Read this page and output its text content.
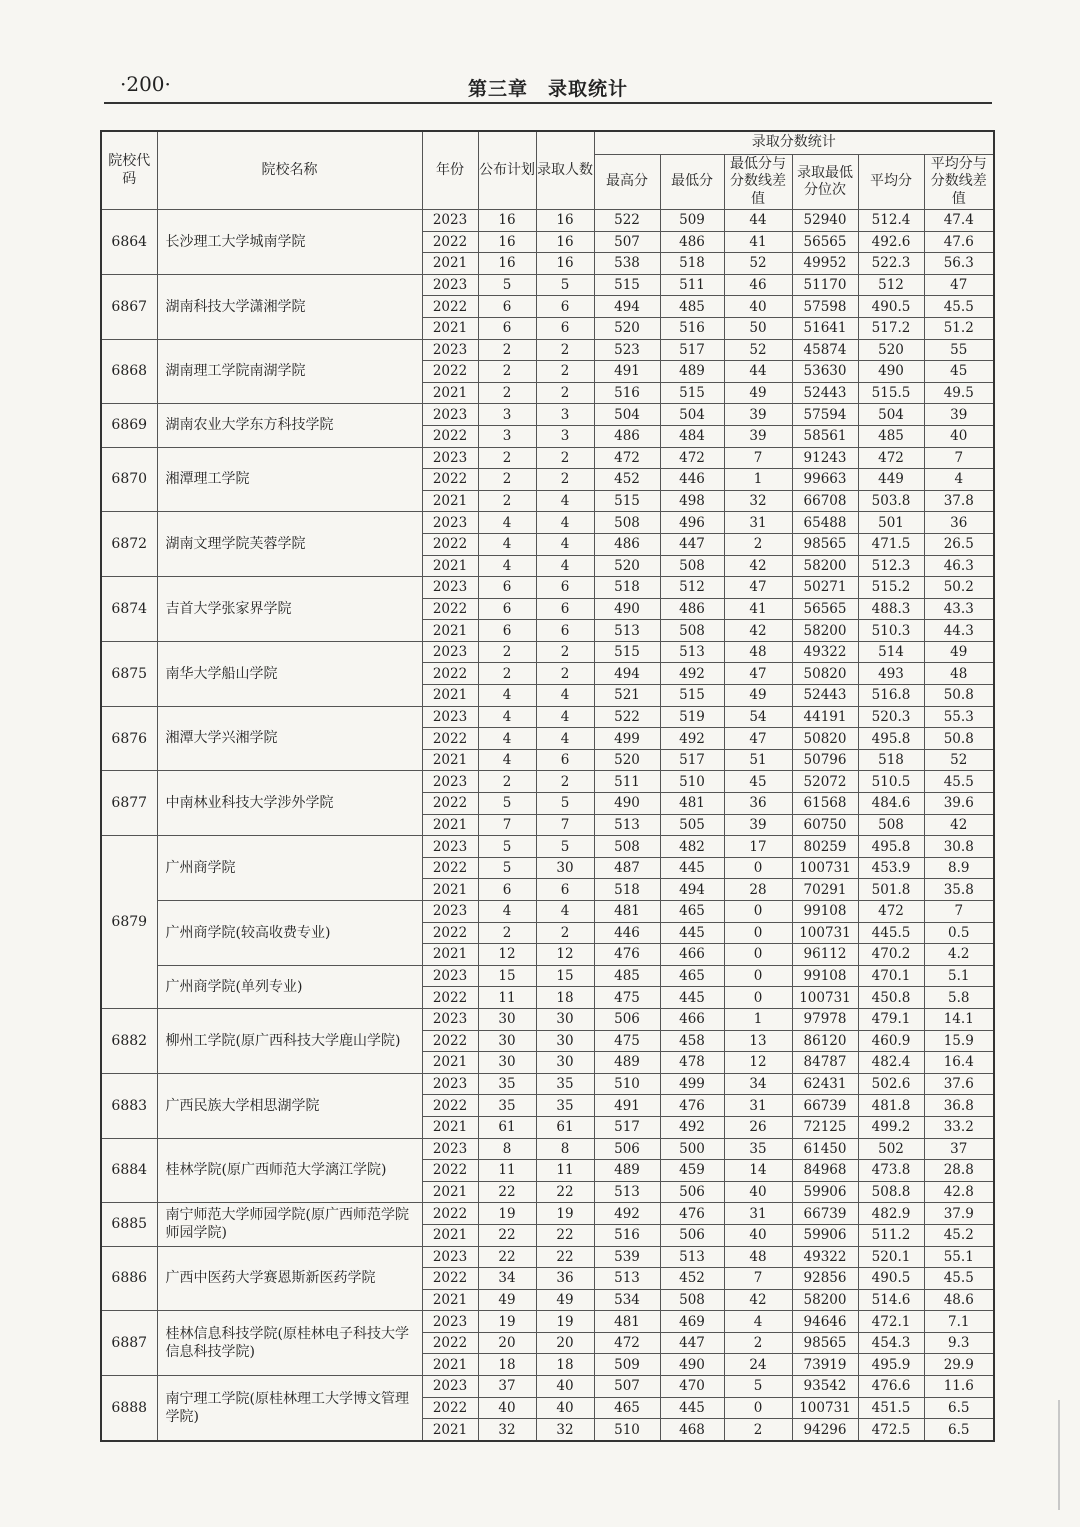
·200·	第三章　录取统计
院校代码	院校名称	年份	公布计划	录取人数	录取分数统计					
					最高分	最低分	最低分与分数线差值	录取最低分位次	平均分	平均分与分数线差值
6864	长沙理工大学城南学院	2023	16	16	522	509	44	52940	512.4	47.4
		2022	16	16	507	486	41	56565	492.6	47.6
		2021	16	16	538	518	52	49952	522.3	56.3
6867	湖南科技大学潇湘学院	2023	5	5	515	511	46	51170	512	47
		2022	6	6	494	485	40	57598	490.5	45.5
		2021	6	6	520	516	50	51641	517.2	51.2
6868	湖南理工学院南湖学院	2023	2	2	523	517	52	45874	520	55
		2022	2	2	491	489	44	53630	490	45
		2021	2	2	516	515	49	52443	515.5	49.5
6869	湖南农业大学东方科技学院	2023	3	3	504	504	39	57594	504	39
		2022	3	3	486	484	39	58561	485	40
6870	湘潭理工学院	2023	2	2	472	472	7	91243	472	7
		2022	2	2	452	446	1	99663	449	4
		2021	2	4	515	498	32	66708	503.8	37.8
6872	湖南文理学院芙蓉学院	2023	4	4	508	496	31	65488	501	36
		2022	4	4	486	447	2	98565	471.5	26.5
		2021	4	4	520	508	42	58200	512.3	46.3
6874	吉首大学张家界学院	2023	6	6	518	512	47	50271	515.2	50.2
		2022	6	6	490	486	41	56565	488.3	43.3
		2021	6	6	513	508	42	58200	510.3	44.3
6875	南华大学船山学院	2023	2	2	515	513	48	49322	514	49
		2022	2	2	494	492	47	50820	493	48
		2021	4	4	521	515	49	52443	516.8	50.8
6876	湘潭大学兴湘学院	2023	4	4	522	519	54	44191	520.3	55.3
		2022	4	4	499	492	47	50820	495.8	50.8
		2021	4	6	520	517	51	50796	518	52
6877	中南林业科技大学涉外学院	2023	2	2	511	510	45	52072	510.5	45.5
		2022	5	5	490	481	36	61568	484.6	39.6
		2021	7	7	513	505	39	60750	508	42
6879	广州商学院	2023	5	5	508	482	17	80259	495.8	30.8
		2022	5	30	487	445	0	100731	453.9	8.9
		2021	6	6	518	494	28	70291	501.8	35.8
	广州商学院(较高收费专业)	2023	4	4	481	465	0	99108	472	7
		2022	2	2	446	445	0	100731	445.5	0.5
		2021	12	12	476	466	0	96112	470.2	4.2
	广州商学院(单列专业)	2023	15	15	485	465	0	99108	470.1	5.1
		2022	11	18	475	445	0	100731	450.8	5.8
6882	柳州工学院(原广西科技大学鹿山学院)	2023	30	30	506	466	1	97978	479.1	14.1
		2022	30	30	475	458	13	86120	460.9	15.9
		2021	30	30	489	478	12	84787	482.4	16.4
6883	广西民族大学相思湖学院	2023	35	35	510	499	34	62431	502.6	37.6
		2022	35	35	491	476	31	66739	481.8	36.8
		2021	61	61	517	492	26	72125	499.2	33.2
6884	桂林学院(原广西师范大学漓江学院)	2023	8	8	506	500	35	61450	502	37
		2022	11	11	489	459	14	84968	473.8	28.8
		2021	22	22	513	506	40	59906	508.8	42.8
6885	南宁师范大学师园学院(原广西师范学院师园学院)	2022	19	19	492	476	31	66739	482.9	37.9
		2021	22	22	516	506	40	59906	511.2	45.2
6886	广西中医药大学赛恩斯新医药学院	2023	22	22	539	513	48	49322	520.1	55.1
		2022	34	36	513	452	7	92856	490.5	45.5
		2021	49	49	534	508	42	58200	514.6	48.6
6887	桂林信息科技学院(原桂林电子科技大学信息科技学院)	2023	19	19	481	469	4	94646	472.1	7.1
		2022	20	20	472	447	2	98565	454.3	9.3
		2021	18	18	509	490	24	73919	495.9	29.9
6888	南宁理工学院(原桂林理工大学博文管理学院)	2023	37	40	507	470	5	93542	476.6	11.6
		2022	40	40	465	445	0	100731	451.5	6.5
		2021	32	32	510	468	2	94296	472.5	6.5
